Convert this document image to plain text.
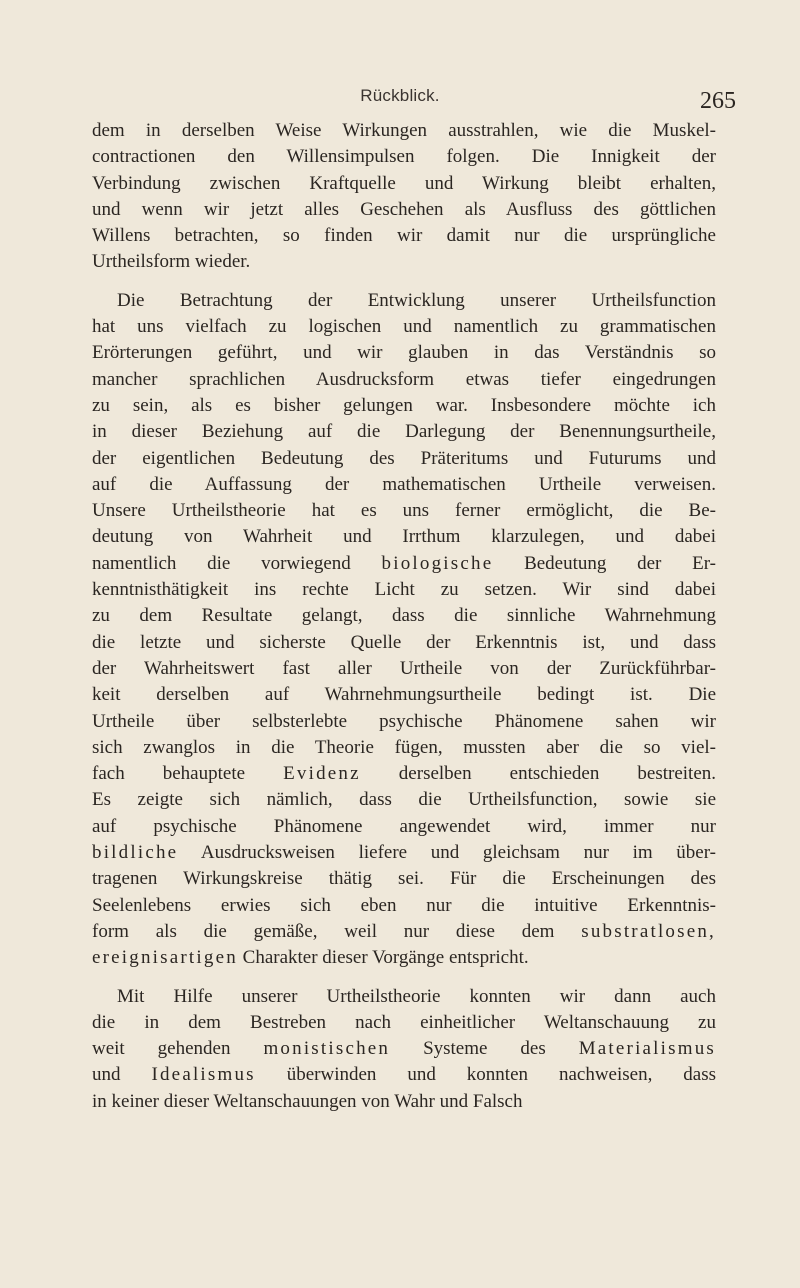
Rückblick.	265
dem in derselben Weise Wirkungen ausstrahlen, wie die Muskel-
contractionen den Willensimpulsen folgen. Die Innigkeit der
Verbindung zwischen Kraftquelle und Wirkung bleibt erhalten,
und wenn wir jetzt alles Geschehen als Ausfluss des göttlichen
Willens betrachten, so finden wir damit nur die ursprüngliche
Urtheilsform wieder.
Die Betrachtung der Entwicklung unserer Urtheilsfunction
hat uns vielfach zu logischen und namentlich zu grammatischen
Erörterungen geführt, und wir glauben in das Verständnis so
mancher sprachlichen Ausdrucksform etwas tiefer eingedrungen
zu sein, als es bisher gelungen war. Insbesondere möchte ich
in dieser Beziehung auf die Darlegung der Benennungsurtheile,
der eigentlichen Bedeutung des Präteritums und Futurums und
auf die Auffassung der mathematischen Urtheile verweisen.
Unsere Urtheilstheorie hat es uns ferner ermöglicht, die Be-
deutung von Wahrheit und Irrthum klarzulegen, und dabei
namentlich die vorwiegend biologische Bedeutung der Er-
kenntnisthätigkeit ins rechte Licht zu setzen. Wir sind dabei
zu dem Resultate gelangt, dass die sinnliche Wahrnehmung
die letzte und sicherste Quelle der Erkenntnis ist, und dass
der Wahrheitswert fast aller Urtheile von der Zurückführbar-
keit derselben auf Wahrnehmungsurtheile bedingt ist. Die
Urtheile über selbsterlebte psychische Phänomene sahen wir
sich zwanglos in die Theorie fügen, mussten aber die so viel-
fach behauptete Evidenz derselben entschieden bestreiten.
Es zeigte sich nämlich, dass die Urtheilsfunction, sowie sie
auf psychische Phänomene angewendet wird, immer nur
bildliche Ausdrucksweisen liefere und gleichsam nur im über-
tragenen Wirkungskreise thätig sei. Für die Erscheinungen des
Seelenlebens erwies sich eben nur die intuitive Erkenntnis-
form als die gemäße, weil nur diese dem substratlosen,
ereignisartigen Charakter dieser Vorgänge entspricht.
Mit Hilfe unserer Urtheilstheorie konnten wir dann auch
die in dem Bestreben nach einheitlicher Weltanschauung zu
weit gehenden monistischen Systeme des Materialismus
und Idealismus überwinden und konnten nachweisen, dass
in keiner dieser Weltanschauungen von Wahr und Falsch
